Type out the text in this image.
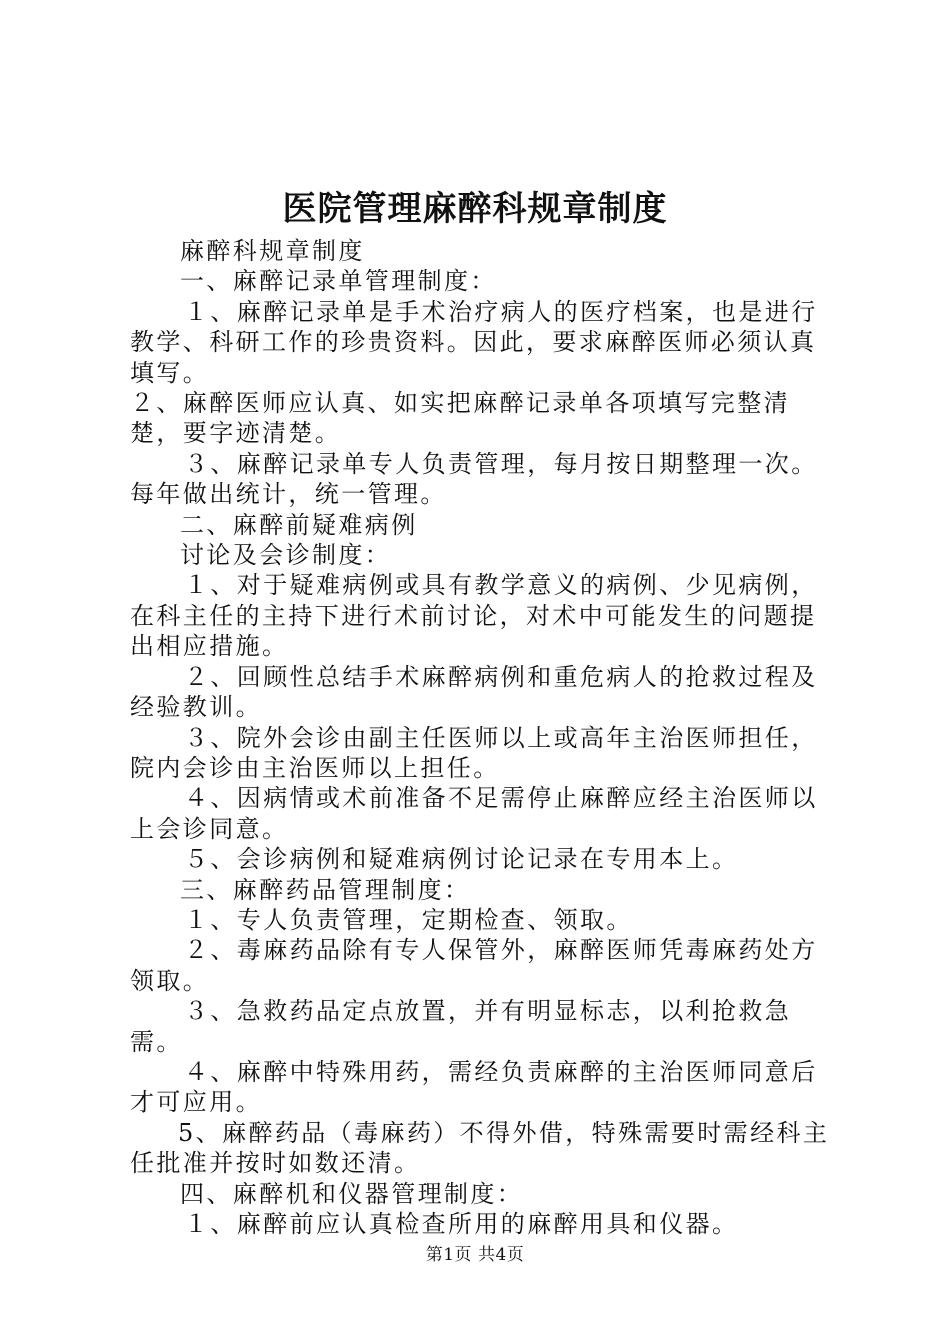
医院管理麻醉科规章制度

麻醉科规章制度

一、麻醉记录单管理制度：

１、麻醉记录单是手术治疗病人的医疗档案，也是进行教学、科研工作的珍贵资料。因此，要求麻醉医师必须认真填写。

２、麻醉医师应认真、如实把麻醉记录单各项填写完整清楚，要字迹清楚。

３、麻醉记录单专人负责管理，每月按日期整理一次。每年做出统计，统一管理。

二、麻醉前疑难病例

讨论及会诊制度：

１、对于疑难病例或具有教学意义的病例、少见病例，在科主任的主持下进行术前讨论，对术中可能发生的问题提出相应措施。

２、回顾性总结手术麻醉病例和重危病人的抢救过程及经验教训。

３、院外会诊由副主任医师以上或高年主治医师担任，院内会诊由主治医师以上担任。

４、因病情或术前准备不足需停止麻醉应经主治医师以上会诊同意。

５、会诊病例和疑难病例讨论记录在专用本上。

三、麻醉药品管理制度：

１、专人负责管理，定期检查、领取。

２、毒麻药品除有专人保管外，麻醉医师凭毒麻药处方领取。

３、急救药品定点放置，并有明显标志，以利抢救急需。

４、麻醉中特殊用药，需经负责麻醉的主治医师同意后才可应用。

5、麻醉药品（毒麻药）不得外借，特殊需要时需经科主任批准并按时如数还清。

四、麻醉机和仪器管理制度：

１、麻醉前应认真检查所用的麻醉用具和仪器。

第1页 共4页
